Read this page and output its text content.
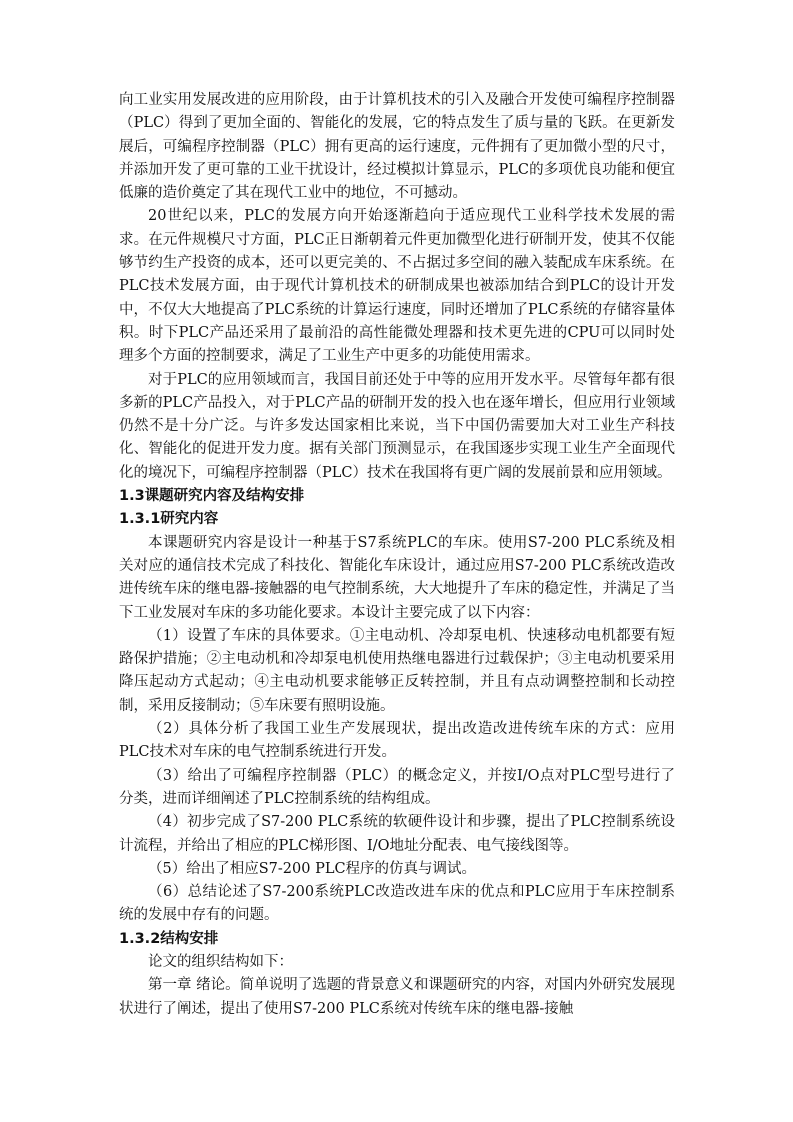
向工业实用发展改进的应用阶段，由于计算机技术的引入及融合开发使可编程序控制器（PLC）得到了更加全面的、智能化的发展，它的特点发生了质与量的飞跃。在更新发展后，可编程序控制器（PLC）拥有更高的运行速度，元件拥有了更加微小型的尺寸，并添加开发了更可靠的工业干扰设计，经过模拟计算显示，PLC的多项优良功能和便宜低廉的造价奠定了其在现代工业中的地位，不可撼动。

20世纪以来，PLC的发展方向开始逐渐趋向于适应现代工业科学技术发展的需求。在元件规模尺寸方面，PLC正日渐朝着元件更加微型化进行研制开发，使其不仅能够节约生产投资的成本，还可以更完美的、不占据过多空间的融入装配成车床系统。在PLC技术发展方面，由于现代计算机技术的研制成果也被添加结合到PLC的设计开发中，不仅大大地提高了PLC系统的计算运行速度，同时还增加了PLC系统的存储容量体积。时下PLC产品还采用了最前沿的高性能微处理器和技术更先进的CPU可以同时处理多个方面的控制要求，满足了工业生产中更多的功能使用需求。

对于PLC的应用领域而言，我国目前还处于中等的应用开发水平。尽管每年都有很多新的PLC产品投入，对于PLC产品的研制开发的投入也在逐年增长，但应用行业领域仍然不是十分广泛。与许多发达国家相比来说，当下中国仍需要加大对工业生产科技化、智能化的促进开发力度。据有关部门预测显示，在我国逐步实现工业生产全面现代化的境况下，可编程序控制器（PLC）技术在我国将有更广阔的发展前景和应用领域。

1.3课题研究内容及结构安排

1.3.1研究内容

本课题研究内容是设计一种基于S7系统PLC的车床。使用S7-200 PLC系统及相关对应的通信技术完成了科技化、智能化车床设计，通过应用S7-200 PLC系统改造改进传统车床的继电器-接触器的电气控制系统，大大地提升了车床的稳定性，并满足了当下工业发展对车床的多功能化要求。本设计主要完成了以下内容：

（1）设置了车床的具体要求。①主电动机、冷却泵电机、快速移动电机都要有短路保护措施；②主电动机和冷却泵电机使用热继电器进行过载保护；③主电动机要采用降压起动方式起动；④主电动机要求能够正反转控制，并且有点动调整控制和长动控制，采用反接制动；⑤车床要有照明设施。

（2）具体分析了我国工业生产发展现状，提出改造改进传统车床的方式：应用PLC技术对车床的电气控制系统进行开发。

（3）给出了可编程序控制器（PLC）的概念定义，并按I/O点对PLC型号进行了分类，进而详细阐述了PLC控制系统的结构组成。

（4）初步完成了S7-200 PLC系统的软硬件设计和步骤，提出了PLC控制系统设计流程，并给出了相应的PLC梯形图、I/O地址分配表、电气接线图等。

（5）给出了相应S7-200 PLC程序的仿真与调试。

（6）总结论述了S7-200系统PLC改造改进车床的优点和PLC应用于车床控制系统的发展中存有的问题。

1.3.2结构安排

论文的组织结构如下：

第一章 绪论。简单说明了选题的背景意义和课题研究的内容，对国内外研究发展现状进行了阐述，提出了使用S7-200 PLC系统对传统车床的继电器-接触
